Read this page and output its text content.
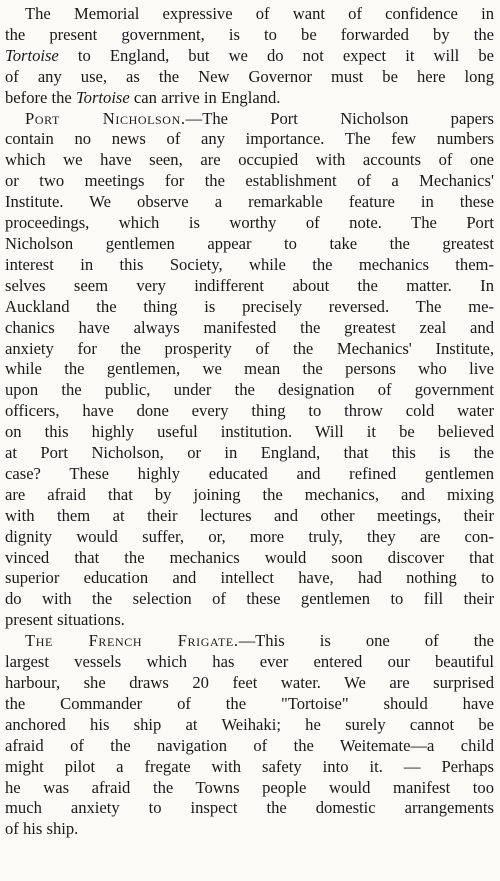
The Memorial expressive of want of confidence in
the present government, is to be forwarded by the
Tortoise to England, but we do not expect it will be
of any use, as the New Governor must be here long
before the Tortoise can arrive in England.
Port Nicholson.—The Port Nicholson papers
contain no news of any importance. The few numbers
which we have seen, are occupied with accounts of one
or two meetings for the establishment of a Mechanics'
Institute. We observe a remarkable feature in these
proceedings, which is worthy of note. The Port
Nicholson gentlemen appear to take the greatest
interest in this Society, while the mechanics them-
selves seem very indifferent about the matter. In
Auckland the thing is precisely reversed. The me-
chanics have always manifested the greatest zeal and
anxiety for the prosperity of the Mechanics' Institute,
while the gentlemen, we mean the persons who live
upon the public, under the designation of government
officers, have done every thing to throw cold water
on this highly useful institution. Will it be believed
at Port Nicholson, or in England, that this is the
case? These highly educated and refined gentlemen
are afraid that by joining the mechanics, and mixing
with them at their lectures and other meetings, their
dignity would suffer, or, more truly, they are con-
vinced that the mechanics would soon discover that
superior education and intellect have, had nothing to
do with the selection of these gentlemen to fill their
present situations.
The French Frigate.—This is one of the
largest vessels which has ever entered our beautiful
harbour, she draws 20 feet water. We are surprised
the Commander of the "Tortoise" should have
anchored his ship at Weihaki; he surely cannot be
afraid of the navigation of the Weitemate—a child
might pilot a fregate with safety into it. — Perhaps
he was afraid the Towns people would manifest too
much anxiety to inspect the domestic arrangements
of his ship.
